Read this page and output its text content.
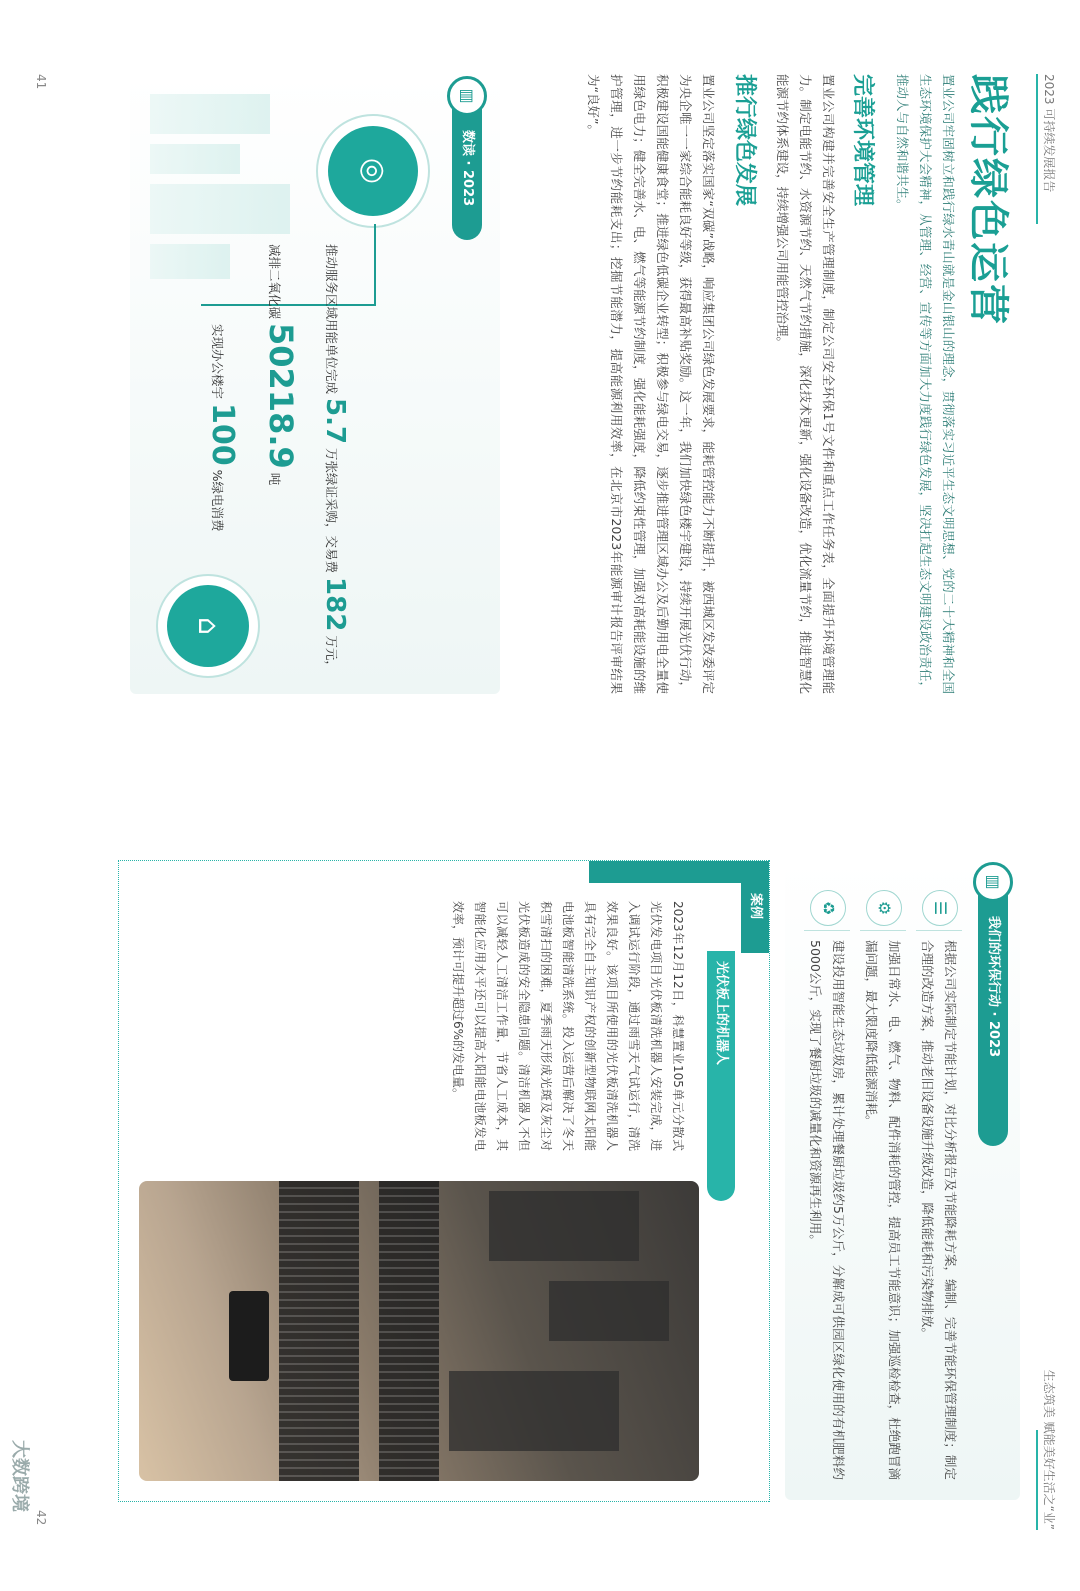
2023 可持续发展报告
生态筑美 赋能美好生活之“业”
41
42
践行绿色运营
置业公司牢固树立和践行绿水青山就是金山银山的理念，贯彻落实习近平生态文明思想、党的二十大精神和全国生态环境保护大会精神，从管理、经营、宣传等方面加大力度践行绿色发展，坚决扛起生态文明建设政治责任，推动人与自然和谐共生。
完善环境管理
置业公司构建并完善安全生产管理制度，制定公司安全环保1号文件和重点工作任务表，全面提升环境管理能力。制定电能节约、水资源节约、天然气节约措施，深化技术更新，强化设备改造，优化流量节约，推进智慧化能源节约体系建设，持续增强公司用能管控治理。
推行绿色发展
置业公司坚定落实国家“双碳”战略，响应集团公司绿色发展要求，能耗管控能力不断提升，被西城区发改委评定为央企唯一一家综合能耗良好等级，获得最高补贴奖励。这一年，我们加快绿色楼宇建设，持续开展光伏行动，积极建设国能健康食堂；推进绿色低碳企业转型；积极参与绿电交易，逐步推进管理区域办公及后勤用电全量使用绿色电力；健全完善水、电、燃气等能源节约制度，强化能耗强度，降低约束性管理，加强对高耗能设施的维护管理，进一步节约能耗支出；挖掘节能潜力，提高能源利用效率，在北京市2023年能源审计报告评审结果为“良好”。
数读 · 2023
▥
◎
推动服务区域用能单位完成 5.7 万张绿证采购，交易费 182 万元，
减排二氧化碳 50218.9 吨
实现办公楼宇 100 %绿电消费
⌂
我们的环保行动 · 2023
▥
☰
根据公司实际制定节能计划，对比分析报告及节能降耗方案，编制、完善节能环保管理制度；制定合理的改造方案，推动老旧设备设施升级改造，降低能耗和污染物排放。
⚙
加强日常水、电、燃气、物料、配件消耗的管控，提高员工节能意识；加强巡检检查，杜绝跑冒滴漏问题，最大限度降低能源消耗。
♻
建设投用智能生态垃圾房，累计处理餐厨垃圾约5万公斤，分解成可供园区绿化使用的有机肥料约5000公斤，实现了餐厨垃圾的减量化和资源再生利用。
案例
光伏板上的机器人
2023年12月12日，科慧置业105单元分散式光伏发电项目光伏板清洗机器人安装完成，进入调试运行阶段，通过雨雪天气试运行，清洗效果良好。该项目所使用的光伏板清洗机器人具有完全自主知识产权的创新型物联网太阳能电池板智能清洗系统。投入运营后解决了冬天积雪清扫的困难，夏季雨天形成光斑及灰尘对光伏板造成的安全隐患问题。清洁机器人不但可以减轻人工清洁工作量，节省人工成本，其智能化应用水平还可以提高太阳能电池板发电效率，预计可提升超过6%的发电量。
大数跨境
